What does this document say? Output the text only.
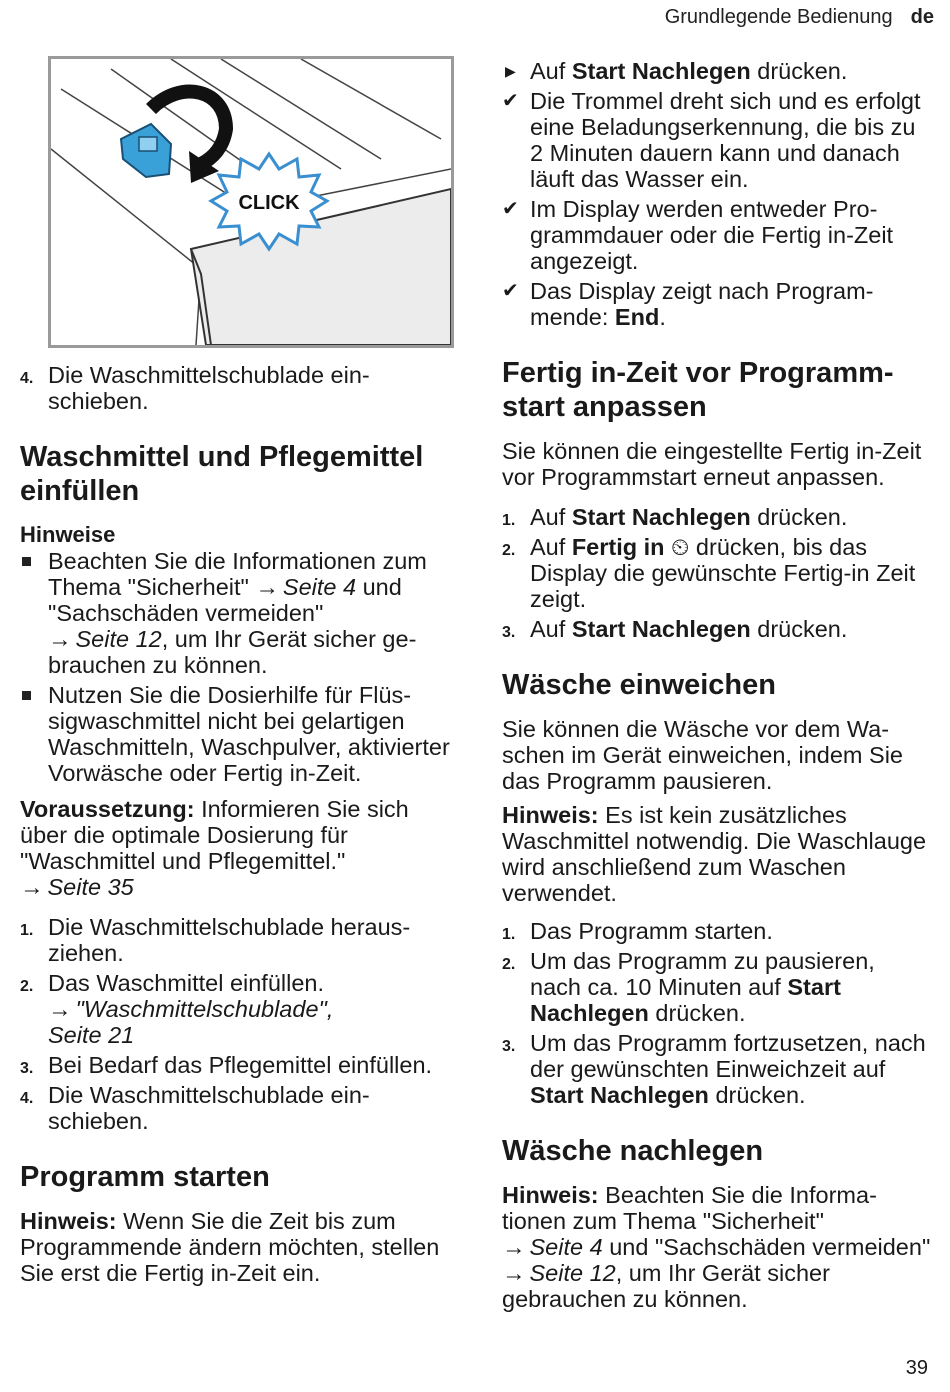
Grundlegende Bedienung de
CLICK
4. Die Waschmittelschublade einschieben.
Waschmittel und Pflegemittel einfüllen
Hinweise
Beachten Sie die Informationen zum Thema "Sicherheit" → Seite 4 und "Sachschäden vermeiden"
→ Seite 12, um Ihr Gerät sicher gebrauchen zu können.
Nutzen Sie die Dosierhilfe für Flüssigwaschmittel nicht bei gelartigen Waschmitteln, Waschpulver, aktivierter Vorwäsche oder Fertig in-Zeit.

Voraussetzung: Informieren Sie sich über die optimale Dosierung für "Waschmittel und Pflegemittel."
→ Seite 35

1. Die Waschmittelschublade herausziehen.
2. Das Waschmittel einfüllen.
→ "Waschmittelschublade",
Seite 21
3. Bei Bedarf das Pflegemittel einfüllen.
4. Die Waschmittelschublade einschieben.
Programm starten

Hinweis: Wenn Sie die Zeit bis zum Programmende ändern möchten, stellen Sie erst die Fertig in-Zeit ein.

▶ Auf Start Nachlegen drücken.
✔ Die Trommel dreht sich und es erfolgt eine Beladungserkennung, die bis zu 2 Minuten dauern kann und danach läuft das Wasser ein.
✔ Im Display werden entweder Programmdauer oder die Fertig in-Zeit angezeigt.
✔ Das Display zeigt nach Programmende: End.
Fertig in-Zeit vor Programmstart anpassen

Sie können die eingestellte Fertig in-Zeit vor Programmstart erneut anpassen.

1. Auf Start Nachlegen drücken.
2. Auf Fertig in ⏲ drücken, bis das Display die gewünschte Fertig-in Zeit zeigt.
3. Auf Start Nachlegen drücken.
Wäsche einweichen

Sie können die Wäsche vor dem Waschen im Gerät einweichen, indem Sie das Programm pausieren.

Hinweis: Es ist kein zusätzliches Waschmittel notwendig. Die Waschlauge wird anschließend zum Waschen verwendet.

1. Das Programm starten.
2. Um das Programm zu pausieren, nach ca. 10 Minuten auf Start Nachlegen drücken.
3. Um das Programm fortzusetzen, nach der gewünschten Einweichzeit auf Start Nachlegen drücken.
Wäsche nachlegen

Hinweis: Beachten Sie die Informationen zum Thema "Sicherheit"
→ Seite 4 und "Sachschäden vermeiden" → Seite 12, um Ihr Gerät sicher gebrauchen zu können.

39
